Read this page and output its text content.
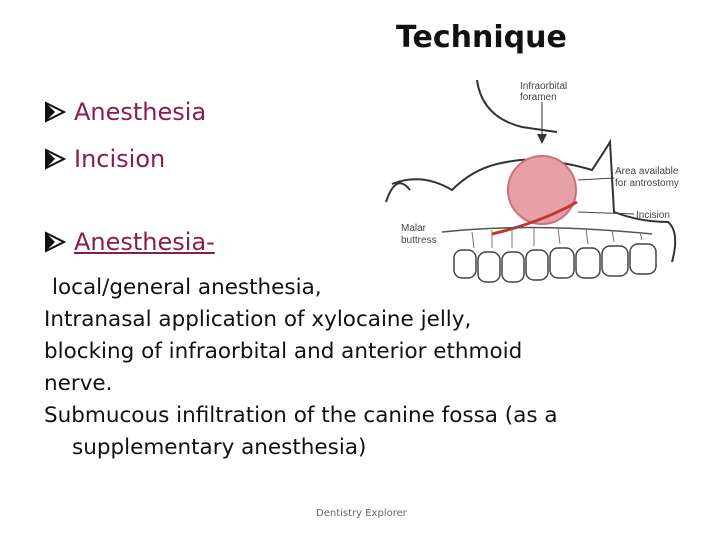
Technique
Anesthesia
Incision
Anesthesia-
local/general anesthesia,
Intranasal application of xylocaine jelly,
blocking of infraorbital and anterior ethmoid
nerve.
Submucous infiltration of the canine fossa (as a
supplementary anesthesia)
Infraorbital
foramen
Area available
for antrostomy
Incision
Malar
buttress
Dentistry Explorer
